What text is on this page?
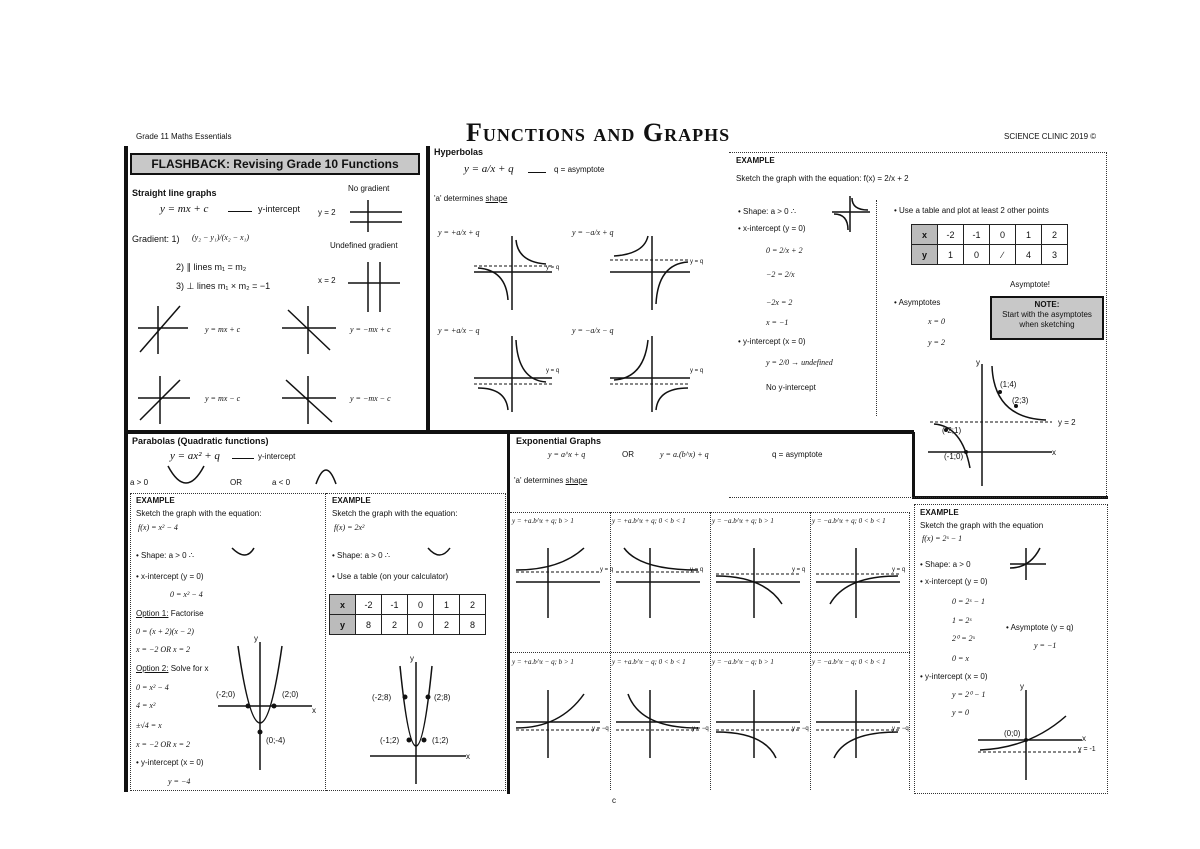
Grade 11 Maths Essentials	Functions and Graphs	SCIENCE CLINIC 2019 ©
FLASHBACK: Revising Grade 10 Functions
Straight line graphs
y = mx + c	y-intercept
Gradient: 1) (y₂ − y₁)/(x₂ − x₁)
2) ∥ lines m₁ = m₂
3) ⊥ lines m₁ × m₂ = −1
No gradient
y = 2
Undefined gradient
x = 2
y = mx + c	y = −mx + c
y = mx − c	y = −mx − c
Hyperbolas
y = a/x + q	q = asymptote
'a' determines shape
y = +a/x + q	y = −a/x + q
y = +a/x − q	y = −a/x − q
y = q
y = q
y = q	y = q
EXAMPLE
Sketch the graph with the equation: f(x) = 2/x + 2
• Shape: a > 0 ∴
• x-intercept (y = 0)
0 = 2/x + 2
−2 = 2/x
−2x = 2
x = −1
• y-intercept (x = 0)
y = 2/0 → undefined
No y-intercept
• Use a table and plot at least 2 other points
x	-2	-1	0	1	2
y	1	0	∕	4	3
Asymptote!
• Asymptotes
x = 0
y = 2
NOTE:
Start with the asymptotes when sketching
y
x
(1;4)
(2;3)
(-2;1)
(-1;0)
y = 2
Parabolas (Quadratic functions)
y = ax² + q	y-intercept
a > 0	OR	a < 0
EXAMPLE
Sketch the graph with the equation:
f(x) = x² − 4
• Shape: a > 0 ∴
• x-intercept (y = 0)
0 = x² − 4
Option 1: Factorise
0 = (x + 2)(x − 2)
x = −2 OR x = 2
Option 2: Solve for x
0 = x² − 4
4 = x²
±√4 = x
x = −2 OR x = 2
• y-intercept (x = 0)
y = −4
(-2;0)	(2;0)
(0;-4)
x
y
EXAMPLE
Sketch the graph with the equation:
f(x) = 2x²
• Shape: a > 0 ∴
• Use a table (on your calculator)
x	-2	-1	0	1	2
y	8	2	0	2	8
(-2;8)	(2;8)
(-1;2)	(1;2)
x
y
Exponential Graphs
y = a^x + q	OR	y = a.(b^x) + q	q = asymptote
'a' determines shape
y = +a.b^x + q; b > 1	y = +a.b^x + q; 0 < b < 1	y = −a.b^x + q; b > 1	y = −a.b^x + q; 0 < b < 1
y = +a.b^x − q; b > 1	y = +a.b^x − q; 0 < b < 1	y = −a.b^x − q; b > 1	y = −a.b^x − q; 0 < b < 1
y = q	y = q	y = q	y = q
y = −q	y = −q	y = −q	y = −q
EXAMPLE
Sketch the graph with the equation
f(x) = 2ˣ − 1
• Shape: a > 0
• x-intercept (y = 0)
0 = 2ˣ − 1
1 = 2ˣ
2⁰ = 2ˣ
0 = x
• Asymptote (y = q)
y = −1
• y-intercept (x = 0)
y = 2⁰ − 1
y = 0
(0;0)
y = -1
x
y
c
